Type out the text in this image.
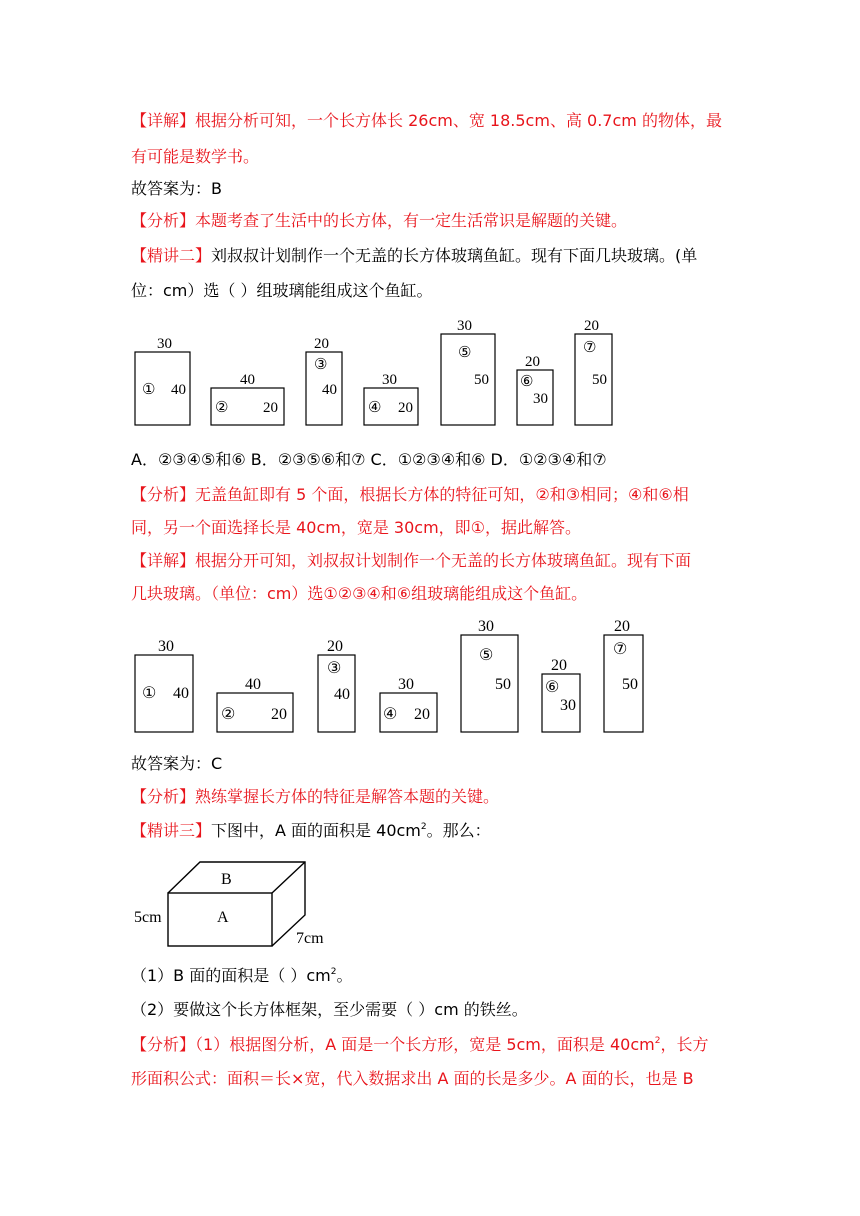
【详解】根据分析可知，一个长方体长 26cm、宽 18.5cm、高 0.7cm 的物体，最
有可能是数学书。
故答案为：B
【分析】本题考查了生活中的长方体，有一定生活常识是解题的关键。
【精讲二】刘叔叔计划制作一个无盖的长方体玻璃鱼缸。现有下面几块玻璃。(单
位：cm）选（ ）组玻璃能组成这个鱼缸。
30
① 40
40
② 20
20
③
40
30
④ 20
30
⑤
50
20
⑥
30
20
⑦
50
30
① 40
40
② 20
20
③
40
30
④ 20
30
⑤
50
20
⑥
30
20
⑦
50
B
A
5cm
7cm
A．②③④⑤和⑥ B．②③⑤⑥和⑦ C．①②③④和⑥ D．①②③④和⑦
【分析】无盖鱼缸即有 5 个面，根据长方体的特征可知，②和③相同；④和⑥相
同，另一个面选择长是 40cm，宽是 30cm，即①，据此解答。
【详解】根据分开可知，刘叔叔计划制作一个无盖的长方体玻璃鱼缸。现有下面
几块玻璃。（单位：cm）选①②③④和⑥组玻璃能组成这个鱼缸。
故答案为：C
【分析】熟练掌握长方体的特征是解答本题的关键。
【精讲三】下图中，A 面的面积是 $40cm^2$。那么：
（1）B 面的面积是（ ）$cm^2$。
（2）要做这个长方体框架，至少需要（ ）cm 的铁丝。
【分析】（1）根据图分析，A 面是一个长方形，宽是 5cm，面积是 $40cm^2$，长方
形面积公式：面积＝长×宽，代入数据求出 A 面的长是多少。A 面的长，也是 B
